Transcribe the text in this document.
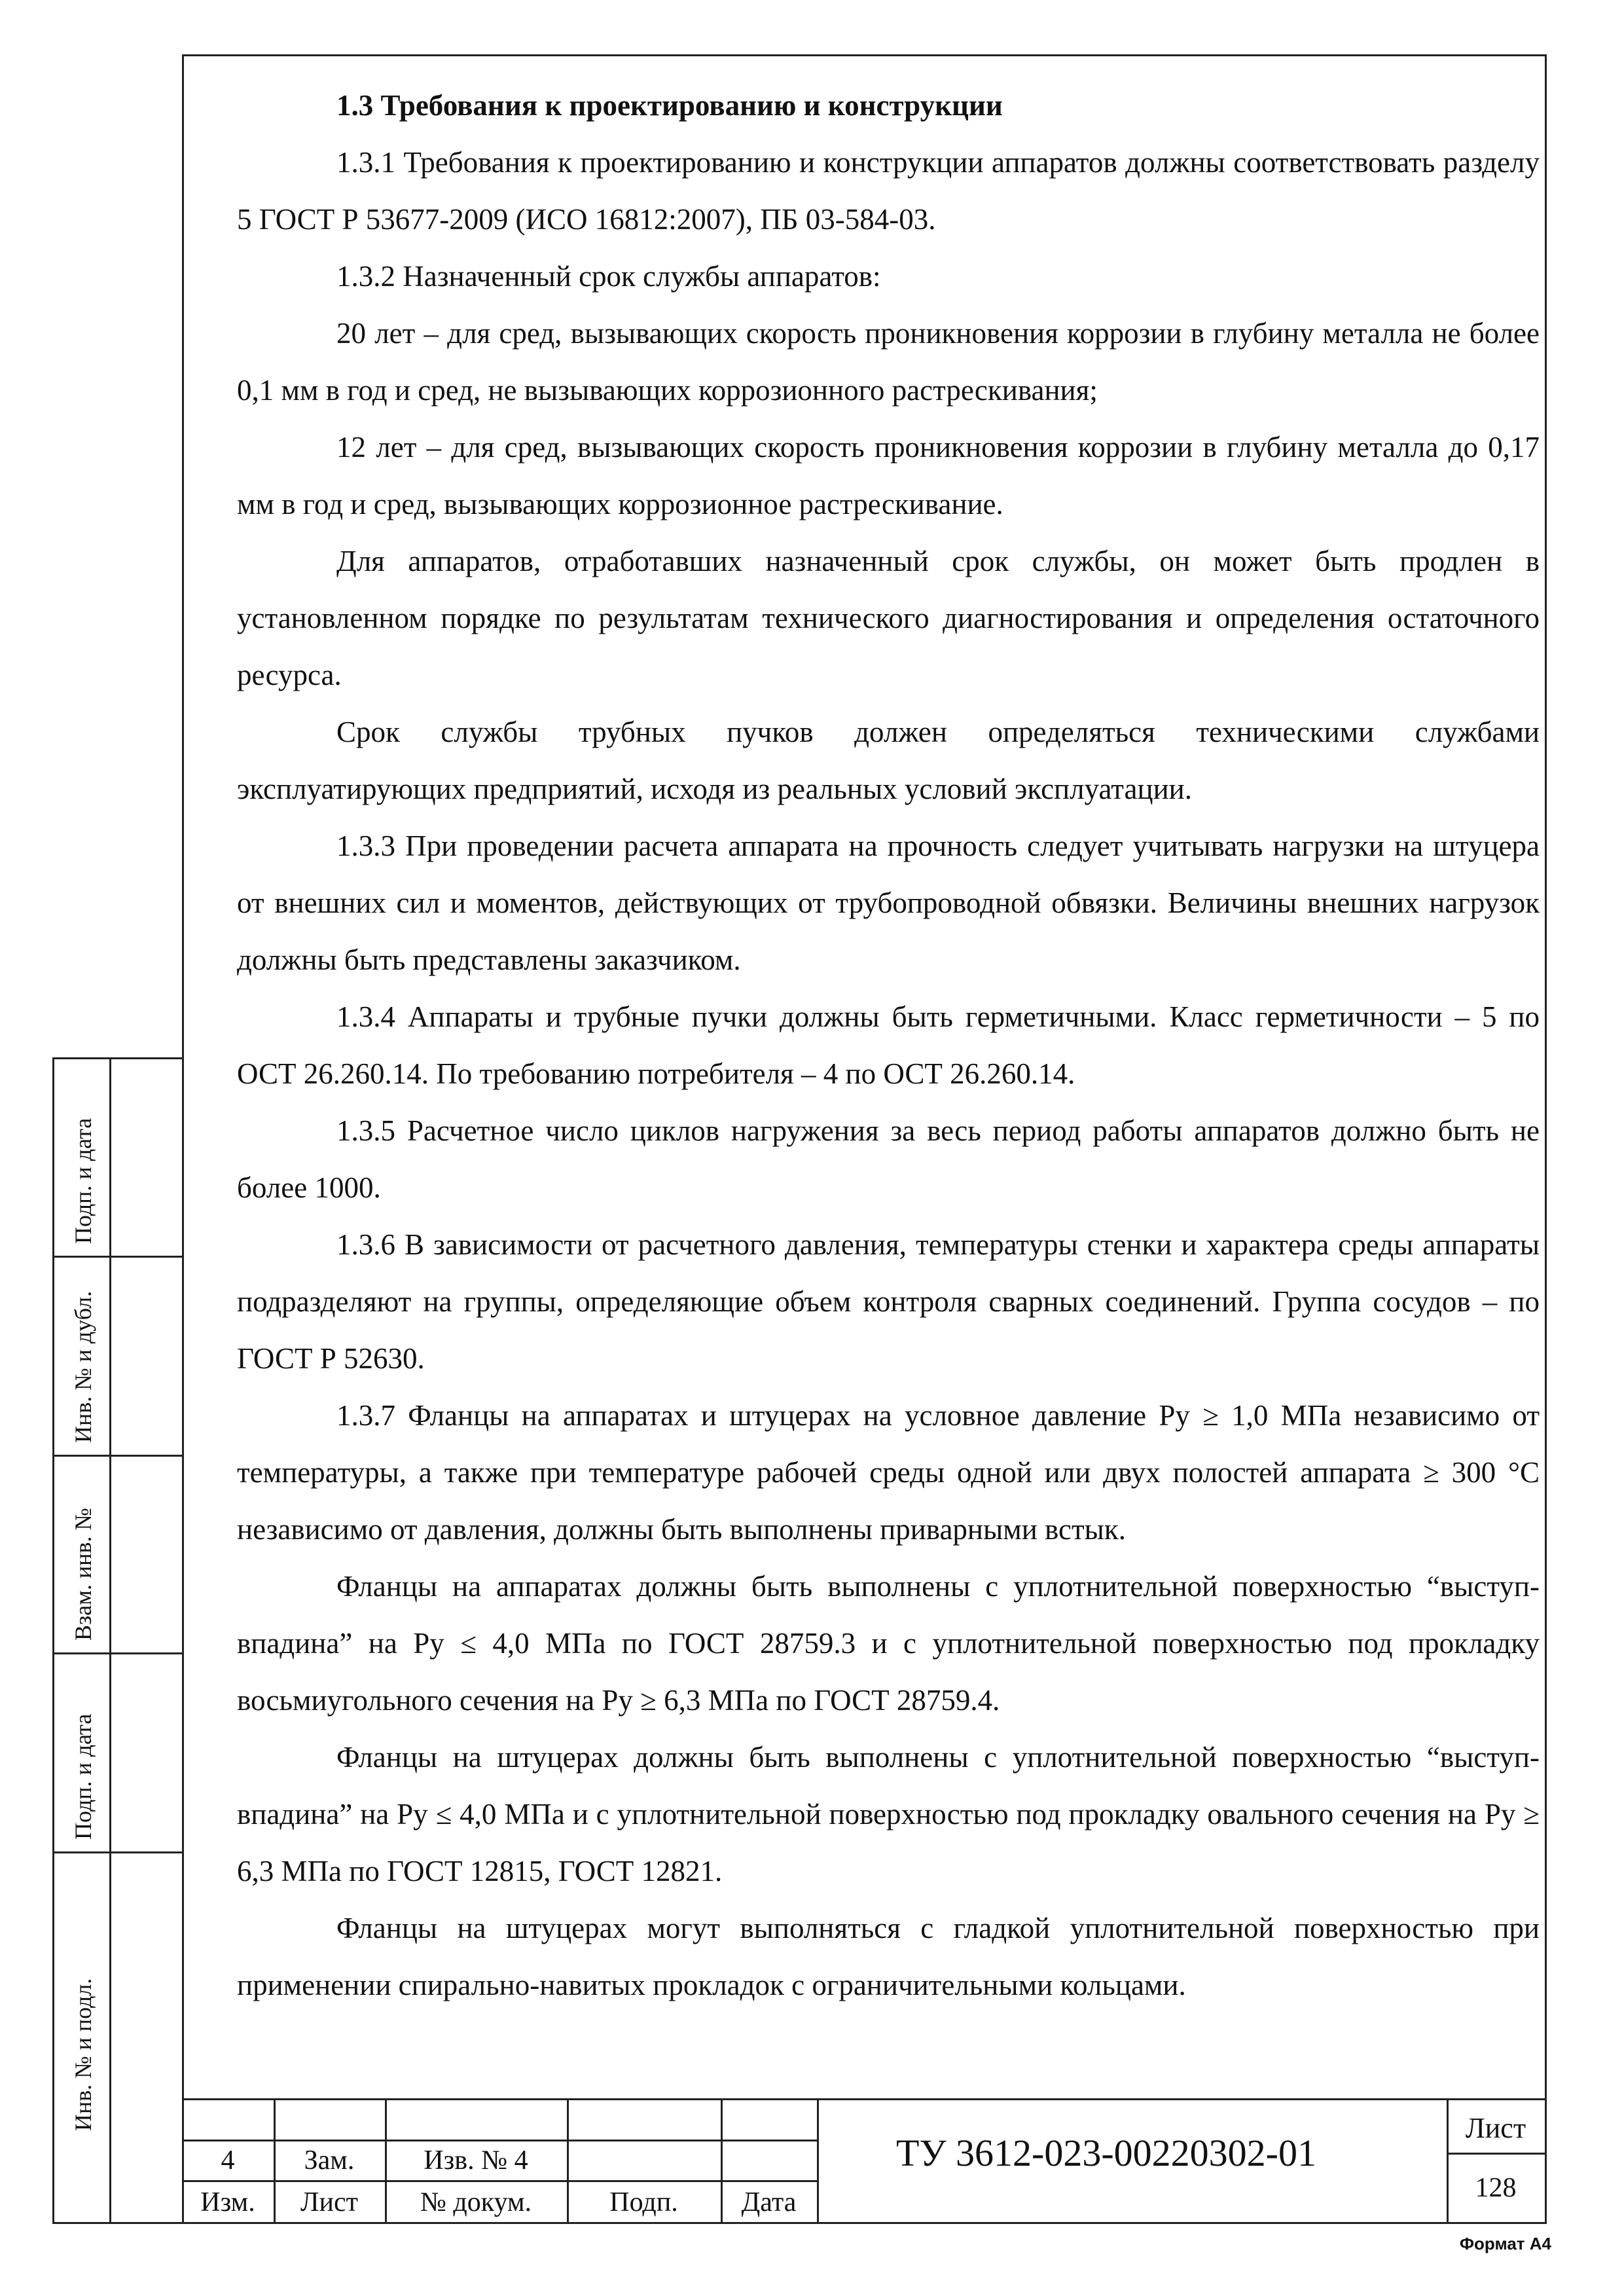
1.3 Требования к проектированию и конструкции

1.3.1 Требования к проектированию и конструкции аппаратов должны соответствовать разделу 5 ГОСТ Р 53677-2009 (ИСО 16812:2007), ПБ 03-584-03.

1.3.2 Назначенный срок службы аппаратов:

20 лет – для сред, вызывающих скорость проникновения коррозии в глубину металла не более 0,1 мм в год и сред, не вызывающих коррозионного растрескивания;

12 лет – для сред, вызывающих скорость проникновения коррозии в глубину металла до 0,17 мм в год и сред, вызывающих коррозионное растрескивание.

Для аппаратов, отработавших назначенный срок службы, он может быть продлен в установленном порядке по результатам технического диагностирования и определения остаточного ресурса.

Срок службы трубных пучков должен определяться техническими службами эксплуатирующих предприятий, исходя из реальных условий эксплуатации.

1.3.3 При проведении расчета аппарата на прочность следует учитывать нагрузки на штуцера от внешних сил и моментов, действующих от трубопроводной обвязки. Величины внешних нагрузок должны быть представлены заказчиком.

1.3.4 Аппараты и трубные пучки должны быть герметичными. Класс герметичности – 5 по ОСТ 26.260.14. По требованию потребителя – 4 по ОСТ 26.260.14.

1.3.5 Расчетное число циклов нагружения за весь период работы аппаратов должно быть не более 1000.

1.3.6 В зависимости от расчетного давления, температуры стенки и характера среды аппараты подразделяют на группы, определяющие объем контроля сварных соединений. Группа сосудов – по ГОСТ Р 52630.

1.3.7 Фланцы на аппаратах и штуцерах на условное давление Ру ≥ 1,0 МПа независимо от температуры, а также при температуре рабочей среды одной или двух полостей аппарата ≥ 300 °С независимо от давления, должны быть выполнены приварными встык.

Фланцы на аппаратах должны быть выполнены с уплотнительной поверхностью “выступ-впадина” на Ру ≤ 4,0 МПа по ГОСТ 28759.3 и с уплотнительной поверхностью под прокладку восьмиугольного сечения на Ру ≥ 6,3 МПа по ГОСТ 28759.4.

Фланцы на штуцерах должны быть выполнены с уплотнительной поверхностью “выступ-впадина” на Ру ≤ 4,0 МПа и с уплотнительной поверхностью под прокладку овального сечения на Ру ≥ 6,3 МПа по ГОСТ 12815, ГОСТ 12821.

Фланцы на штуцерах могут выполняться с гладкой уплотнительной поверхностью при применении спирально-навитых прокладок с ограничительными кольцами.

Подп. и дата
Инв. № и дубл.
Взам. инв. №
Подп. и дата
Инв. № и подл.
4	Зам.	Изв. № 4
Изм.	Лист	№ докум.	Подп.	Дата
ТУ 3612-023-00220302-01
Лист
128
Формат А4
